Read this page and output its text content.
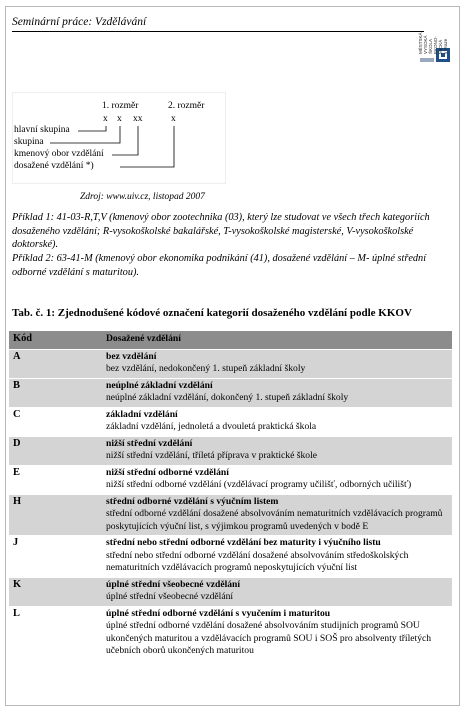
Seminární práce: Vzdělávání
MĚSTSKÁ VYSOKÁ ŠKOLA EKONO- MICKÁ v Praze
1. rozměr	2. rozměr
x x xx	x
hlavní skupina
skupina
kmenový obor vzdělání
dosažené vzdělání *)
Zdroj: www.uiv.cz, listopad 2007
Příklad 1: 41-03-R,T,V (kmenový obor zootechnika (03), který lze studovat ve všech třech kategoriích dosaženého vzdělání; R-vysokoškolské bakalářské, T-vysokoškolské magisterské, V-vysokoškolské doktorské).
Příklad 2: 63-41-M (kmenový obor ekonomika podnikání (41), dosažené vzdělání – M- úplné střední odborné vzdělání s maturitou).
Tab. č. 1: Zjednodušené kódové označení kategorií dosaženého vzdělání podle KKOV
Kód	Dosažené vzdělání
A	bez vzdělání
bez vzdělání, nedokončený 1. stupeň základní školy

B	neúplné základní vzdělání
neúplné základní vzdělání, dokončený 1. stupeň základní školy

C	základní vzdělání
základní vzdělání, jednoletá a dvouletá praktická škola

D	nižší střední vzdělání
nižší střední vzdělání, tříletá příprava v praktické škole

E	nižší střední odborné vzdělání
nižší střední odborné vzdělání (vzdělávací programy učilišť, odborných učilišť)

H	střední odborné vzdělání s výučním listem
střední odborné vzdělání dosažené absolvováním nematuritních vzdělávacích programů poskytujících výuční list, s výjimkou programů uvedených v bodě E

J	střední nebo střední odborné vzdělání bez maturity i výučního listu
střední nebo střední odborné vzdělání dosažené absolvováním středoškolských nematuritních vzdělávacích programů neposkytujících výuční list

K	úplné střední všeobecné vzdělání
úplné střední všeobecné vzdělání

L	úplné střední odborné vzdělání s vyučením i maturitou
úplné střední odborné vzdělání dosažené absolvováním studijních programů SOU ukončených maturitou a vzdělávacích programů SOU i SOŠ pro absolventy tříletých učebních oborů ukončených maturitou
